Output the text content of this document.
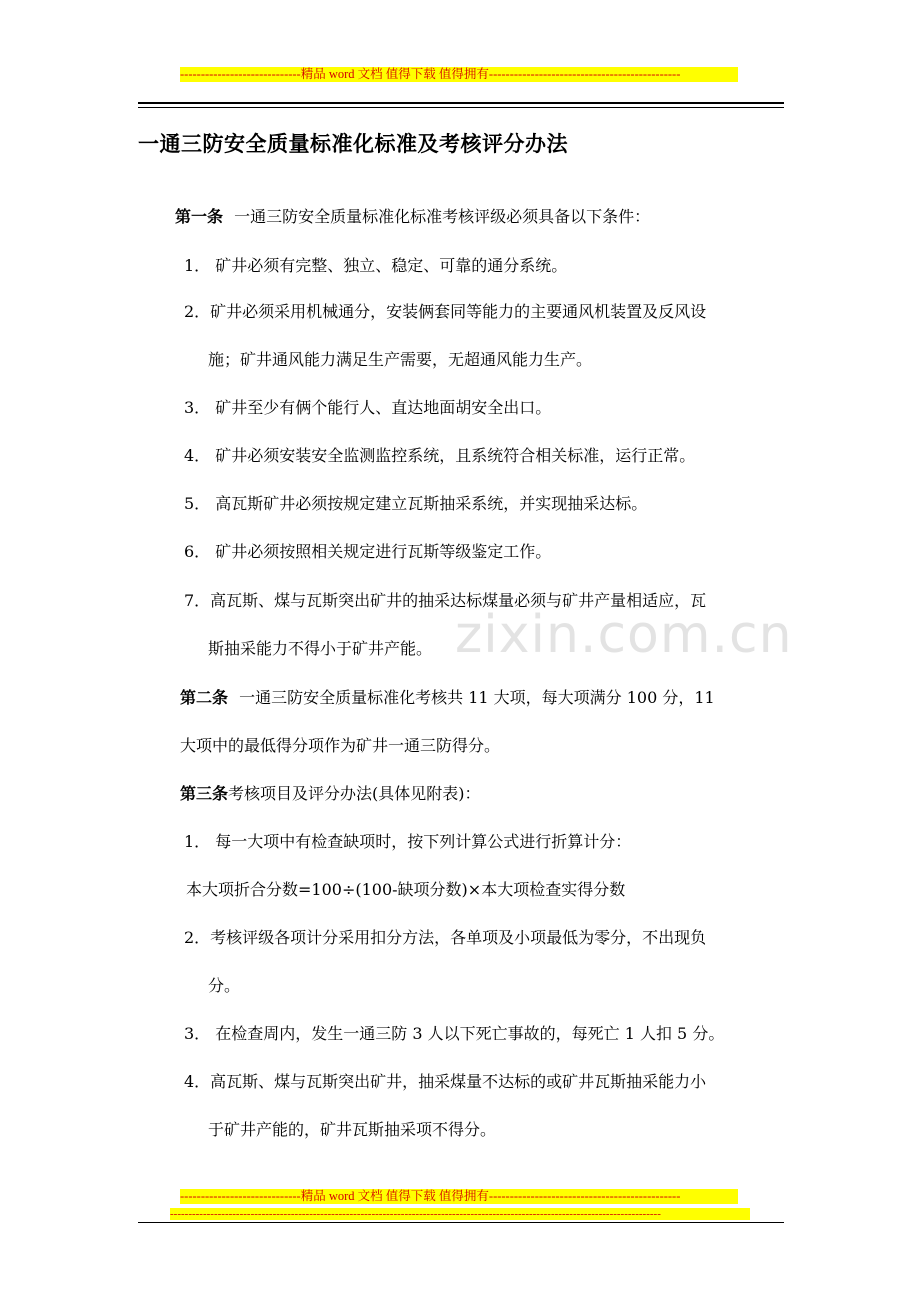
-----------------------------精品 word 文档 值得下载 值得拥有----------------------------------------------
一通三防安全质量标准化标准及考核评分办法
zixin.com.cn
第一条 一通三防安全质量标准化标准考核评级必须具备以下条件：
1． 矿井必须有完整、独立、稳定、可靠的通分系统。
2．矿井必须采用机械通分，安装俩套同等能力的主要通风机装置及反风设
施；矿井通风能力满足生产需要，无超通风能力生产。
3． 矿井至少有俩个能行人、直达地面胡安全出口。
4． 矿井必须安装安全监测监控系统，且系统符合相关标准，运行正常。
5． 高瓦斯矿井必须按规定建立瓦斯抽采系统，并实现抽采达标。
6． 矿井必须按照相关规定进行瓦斯等级鉴定工作。
7．高瓦斯、煤与瓦斯突出矿井的抽采达标煤量必须与矿井产量相适应，瓦
斯抽采能力不得小于矿井产能。
第二条 一通三防安全质量标准化考核共 11 大项，每大项满分 100 分，11
大项中的最低得分项作为矿井一通三防得分。
第三条考核项目及评分办法(具体见附表)：
1． 每一大项中有检查缺项时，按下列计算公式进行折算计分：
本大项折合分数=100÷(100-缺项分数)×本大项检查实得分数
2．考核评级各项计分采用扣分方法，各单项及小项最低为零分，不出现负
分。
3． 在检查周内，发生一通三防 3 人以下死亡事故的，每死亡 1 人扣 5 分。
4．高瓦斯、煤与瓦斯突出矿井，抽采煤量不达标的或矿井瓦斯抽采能力小
于矿井产能的，矿井瓦斯抽采项不得分。
-----------------------------精品 word 文档 值得下载 值得拥有----------------------------------------------
--------------------------------------------------------------------------------------------------------------------------------------
